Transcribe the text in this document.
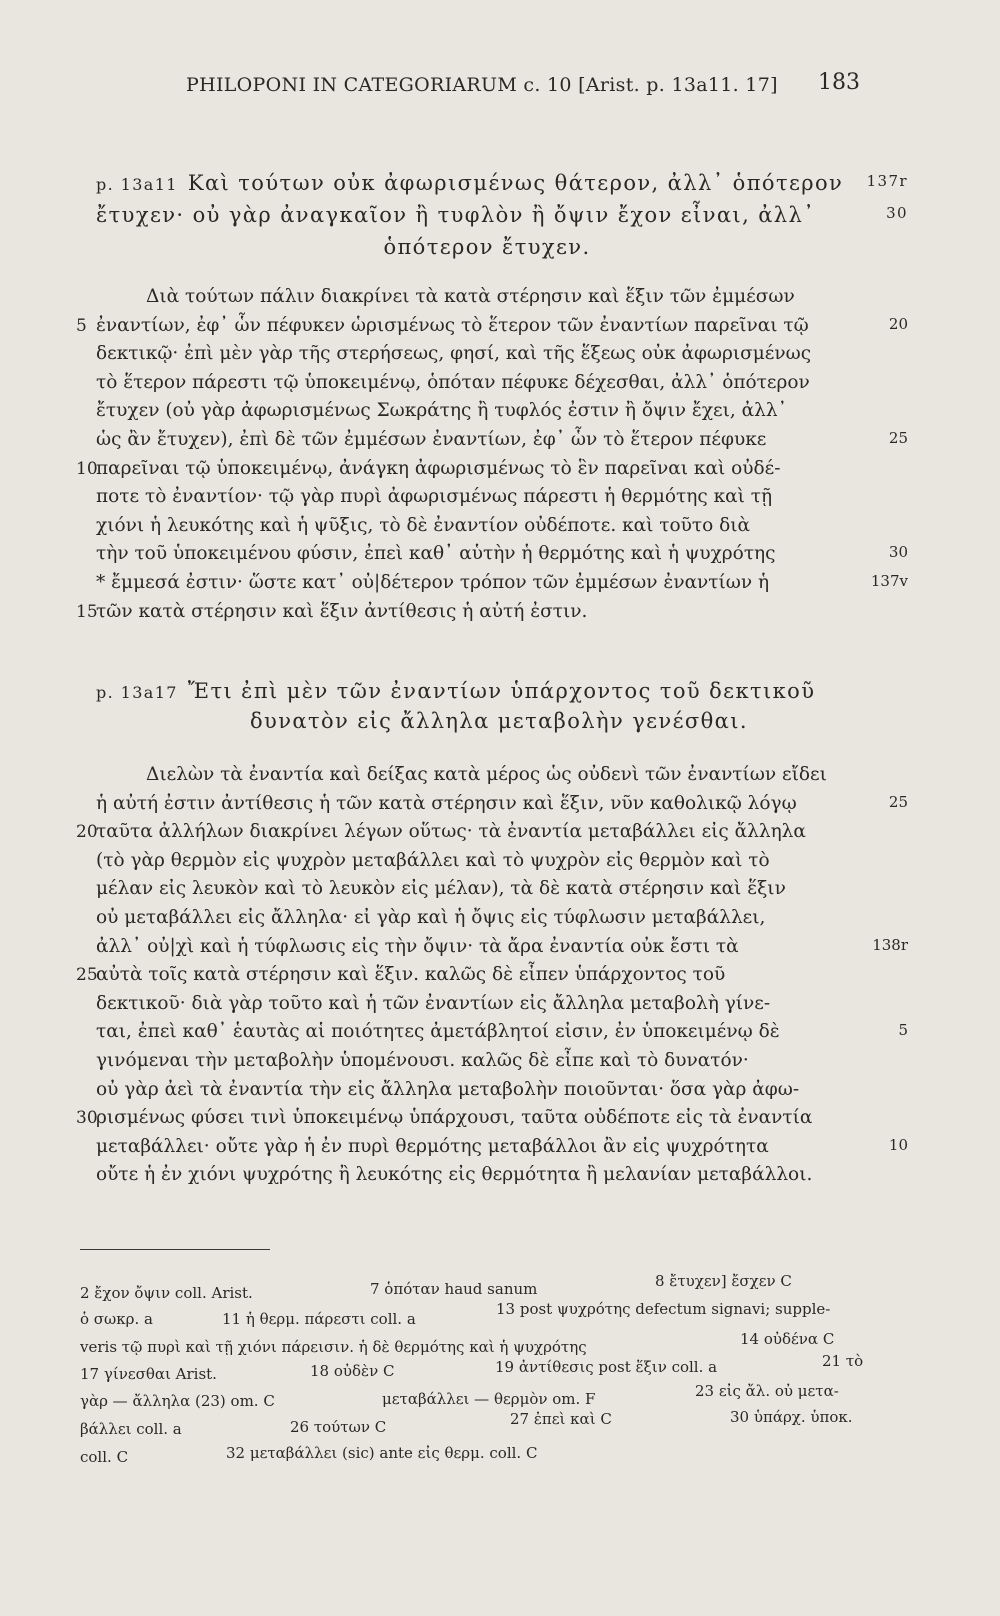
PHILOPONI IN CATEGORIARUM c. 10 [Arist. p. 13a11. 17] 183
p. 13a11 Καὶ τούτων οὐκ ἀφωρισμένως θάτερον, ἀλλ᾽ ὁπότερον 137r
ἔτυχεν· οὐ γὰρ ἀναγκαῖον ἢ τυφλὸν ἢ ὄψιν ἔχον εἶναι, ἀλλ᾽	30
ὁπότερον ἔτυχεν.
Διὰ τούτων πάλιν διακρίνει τὰ κατὰ στέρησιν καὶ ἕξιν τῶν ἐμμέσων
5 ἐναντίων, ἐφ᾽ ὧν πέφυκεν ὡρισμένως τὸ ἕτερον τῶν ἐναντίων παρεῖναι τῷ	20
δεκτικῷ· ἐπὶ μὲν γὰρ τῆς στερήσεως, φησί, καὶ τῆς ἕξεως οὐκ ἀφωρισμένως
τὸ ἕτερον πάρεστι τῷ ὑποκειμένῳ, ὁπόταν πέφυκε δέχεσθαι, ἀλλ᾽ ὁπότερον
ἔτυχεν (οὐ γὰρ ἀφωρισμένως Σωκράτης ἢ τυφλός ἐστιν ἢ ὄψιν ἔχει, ἀλλ᾽
ὡς ἂν ἔτυχεν), ἐπὶ δὲ τῶν ἐμμέσων ἐναντίων, ἐφ᾽ ὧν τὸ ἕτερον πέφυκε	25
10
παρεῖναι τῷ ὑποκειμένῳ, ἀνάγκη ἀφωρισμένως τὸ ἓν παρεῖναι καὶ οὐδέ-
ποτε τὸ ἐναντίον· τῷ γὰρ πυρὶ ἀφωρισμένως πάρεστι ἡ θερμότης καὶ τῇ
χιόνι ἡ λευκότης καὶ ἡ ψῦξις, τὸ δὲ ἐναντίον οὐδέποτε. καὶ τοῦτο διὰ
τὴν τοῦ ὑποκειμένου φύσιν, ἐπεὶ καθ᾽ αὑτὴν ἡ θερμότης καὶ ἡ ψυχρότης	30
* ἔμμεσά ἐστιν· ὥστε κατ᾽ οὐ|δέτερον τρόπον τῶν ἐμμέσων ἐναντίων ἡ	137v
15
τῶν κατὰ στέρησιν καὶ ἕξιν ἀντίθεσις ἡ αὐτή ἐστιν.
p. 13a17 Ἔτι ἐπὶ μὲν τῶν ἐναντίων ὑπάρχοντος τοῦ δεκτικοῦ
δυνατὸν εἰς ἄλληλα μεταβολὴν γενέσθαι.
Διελὼν τὰ ἐναντία καὶ δείξας κατὰ μέρος ὡς οὐδενὶ τῶν ἐναντίων εἴδει
ἡ αὐτή ἐστιν ἀντίθεσις ἡ τῶν κατὰ στέρησιν καὶ ἕξιν, νῦν καθολικῷ λόγῳ	25
20
ταῦτα ἀλλήλων διακρίνει λέγων οὕτως· τὰ ἐναντία μεταβάλλει εἰς ἄλληλα
(τὸ γὰρ θερμὸν εἰς ψυχρὸν μεταβάλλει καὶ τὸ ψυχρὸν εἰς θερμὸν καὶ τὸ
μέλαν εἰς λευκὸν καὶ τὸ λευκὸν εἰς μέλαν), τὰ δὲ κατὰ στέρησιν καὶ ἕξιν
οὐ μεταβάλλει εἰς ἄλληλα· εἰ γὰρ καὶ ἡ ὄψις εἰς τύφλωσιν μεταβάλλει,
ἀλλ᾽ οὐ|χὶ καὶ ἡ τύφλωσις εἰς τὴν ὄψιν· τὰ ἄρα ἐναντία οὐκ ἔστι τὰ	138r
25
αὐτὰ τοῖς κατὰ στέρησιν καὶ ἕξιν. καλῶς δὲ εἶπεν ὑπάρχοντος τοῦ
δεκτικοῦ· διὰ γὰρ τοῦτο καὶ ἡ τῶν ἐναντίων εἰς ἄλληλα μεταβολὴ γίνε-
ται, ἐπεὶ καθ᾽ ἑαυτὰς αἱ ποιότητες ἀμετάβλητοί εἰσιν, ἐν ὑποκειμένῳ δὲ	5
γινόμεναι τὴν μεταβολὴν ὑπομένουσι. καλῶς δὲ εἶπε καὶ τὸ δυνατόν·
οὐ γὰρ ἀεὶ τὰ ἐναντία τὴν εἰς ἄλληλα μεταβολὴν ποιοῦνται· ὅσα γὰρ ἀφω-
30
ρισμένως φύσει τινὶ ὑποκειμένῳ ὑπάρχουσι, ταῦτα οὐδέποτε εἰς τὰ ἐναντία
μεταβάλλει· οὔτε γὰρ ἡ ἐν πυρὶ θερμότης μεταβάλλοι ἂν εἰς ψυχρότητα	10
οὔτε ἡ ἐν χιόνι ψυχρότης ἢ λευκότης εἰς θερμότητα ἢ μελανίαν μεταβάλλοι.
2 ἔχον ὄψιν coll. Arist.	7 ὁπόταν haud sanum	8 ἔτυχεν] ἔσχεν C
ὁ σωκρ. a	11 ἡ θερμ. πάρεστι coll. a
13 post ψυχρότης defectum signavi; supple-
veris τῷ πυρὶ καὶ τῇ χιόνι πάρεισιν. ἡ δὲ θερμότης καὶ ἡ ψυχρότης	14 οὐδένα C
17 γίνεσθαι Arist.	18 οὐδὲν C	19 ἀντίθεσις post ἕξιν coll. a	21 τὸ
γὰρ — ἄλληλα (23) om. C	μεταβάλλει — θερμὸν om. F	23 εἰς ἄλ. οὐ μετα-
βάλλει coll. a	26 τούτων C	27 ἐπεὶ καὶ C	30 ὑπάρχ. ὑποκ.
coll. C	32 μεταβάλλει (sic) ante εἰς θερμ. coll. C
